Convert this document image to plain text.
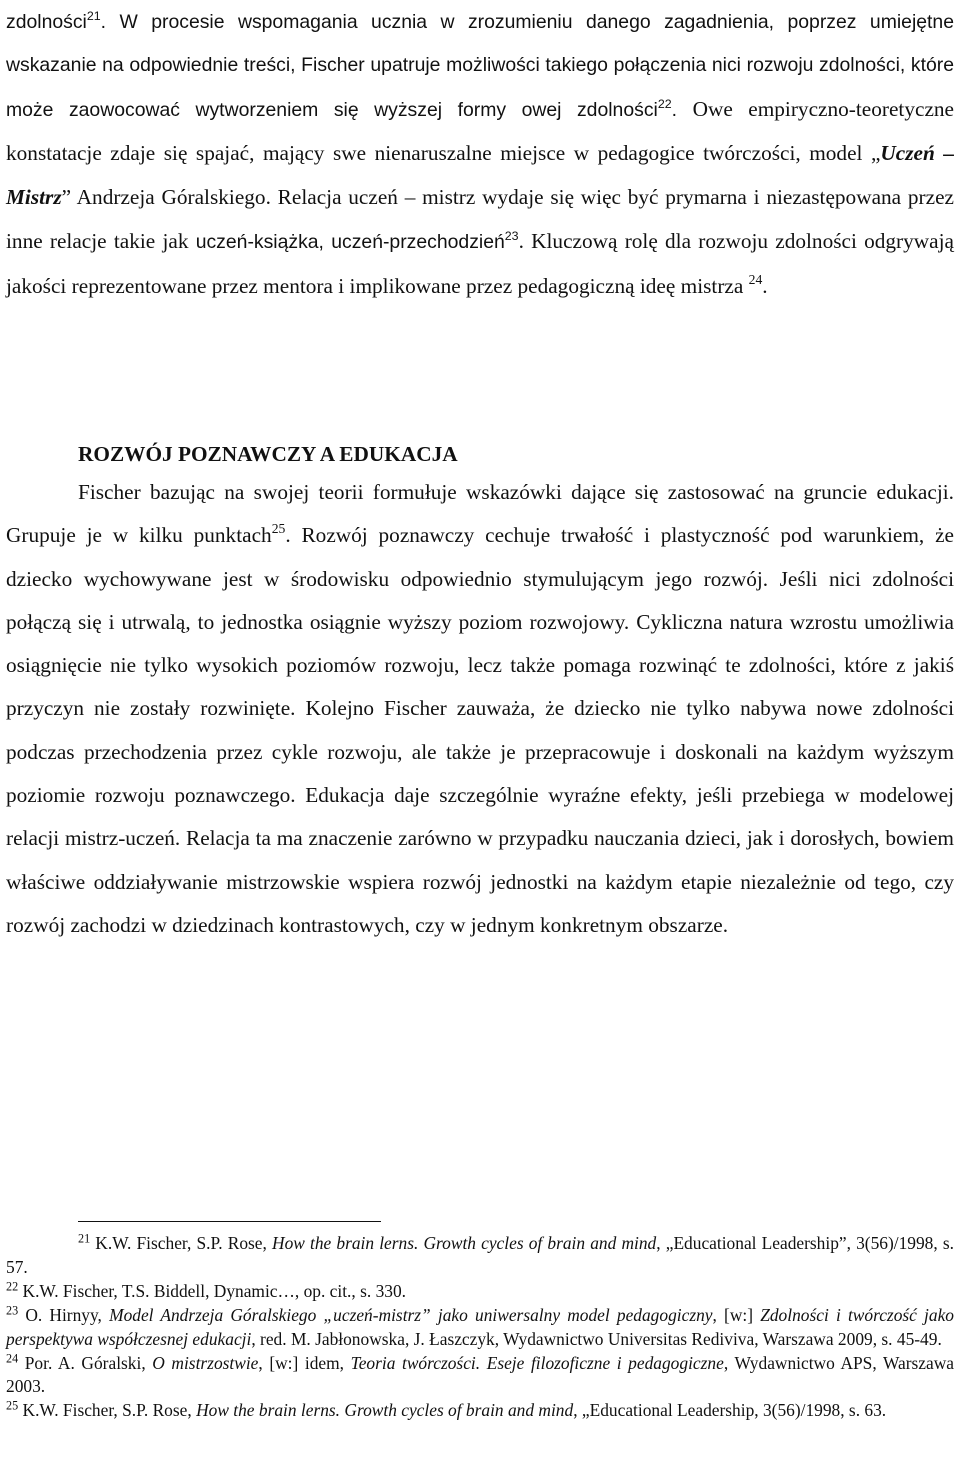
zdolności$^{21}$. W procesie wspomagania ucznia w zrozumieniu danego zagadnienia, poprzez umiejętne wskazanie na odpowiednie treści, Fischer upatruje możliwości takiego połączenia nici rozwoju zdolności, które może zaowocować wytworzeniem się wyższej formy owej zdolności$^{22}$. Owe empiryczno-teoretyczne konstatacje zdaje się spajać, mający swe nienaruszalne miejsce w pedagogice twórczości, model „Uczeń – Mistrz” Andrzeja Góralskiego. Relacja uczeń – mistrz wydaje się więc być prymarna i niezastępowana przez inne relacje takie jak uczeń-książka, uczeń-przechodzień$^{23}$. Kluczową rolę dla rozwoju zdolności odgrywają jakości reprezentowane przez mentora i implikowane przez pedagogiczną ideę mistrza $^{24}$.

ROZWÓJ POZNAWCZY A EDUKACJA

Fischer bazując na swojej teorii formułuje wskazówki dające się zastosować na gruncie edukacji. Grupuje je w kilku punktach$^{25}$. Rozwój poznawczy cechuje trwałość i plastyczność pod warunkiem, że dziecko wychowywane jest w środowisku odpowiednio stymulującym jego rozwój. Jeśli nici zdolności połączą się i utrwalą, to jednostka osiągnie wyższy poziom rozwojowy. Cykliczna natura wzrostu umożliwia osiągnięcie nie tylko wysokich poziomów rozwoju, lecz także pomaga rozwinąć te zdolności, które z jakiś przyczyn nie zostały rozwinięte. Kolejno Fischer zauważa, że dziecko nie tylko nabywa nowe zdolności podczas przechodzenia przez cykle rozwoju, ale także je przepracowuje i doskonali na każdym wyższym poziomie rozwoju poznawczego. Edukacja daje szczególnie wyraźne efekty, jeśli przebiega w modelowej relacji mistrz-uczeń. Relacja ta ma znaczenie zarówno w przypadku nauczania dzieci, jak i dorosłych, bowiem właściwe oddziaływanie mistrzowskie wspiera rozwój jednostki na każdym etapie niezależnie od tego, czy rozwój zachodzi w dziedzinach kontrastowych, czy w jednym konkretnym obszarze.

$^{21}$ K.W. Fischer, S.P. Rose, How the brain lerns. Growth cycles of brain and mind, „Educational Leadership”, 3(56)/1998, s. 57.

$^{22}$ K.W. Fischer, T.S. Biddell, Dynamic…, op. cit., s. 330.

$^{23}$ O. Hirnyy, Model Andrzeja Góralskiego „uczeń-mistrz” jako uniwersalny model pedagogiczny, [w:] Zdolności i twórczość jako perspektywa współczesnej edukacji, red. M. Jabłonowska, J. Łaszczyk, Wydawnictwo Universitas Rediviva, Warszawa 2009, s. 45-49.

$^{24}$ Por. A. Góralski, O mistrzostwie, [w:] idem, Teoria twórczości. Eseje filozoficzne i pedagogiczne, Wydawnictwo APS, Warszawa 2003.

$^{25}$ K.W. Fischer, S.P. Rose, How the brain lerns. Growth cycles of brain and mind, „Educational Leadership, 3(56)/1998, s. 63.
